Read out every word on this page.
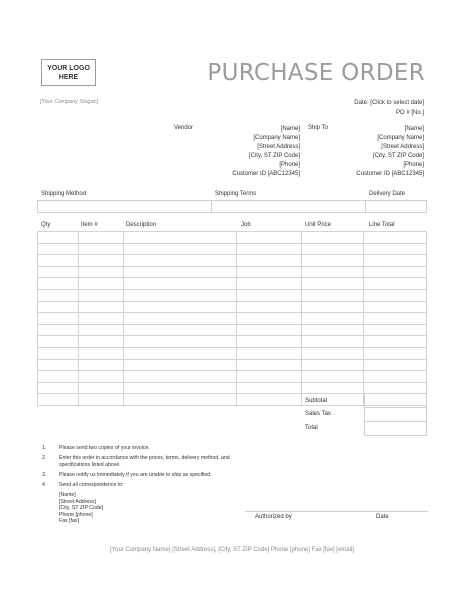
YOUR LOGO HERE	PURCHASE ORDER
[Your Company Slogan]	Date: [Click to select date]
PO # [No.]
Vendor	[Name]
[Company Name]
[Street Address]
[City, ST ZIP Code]
[Phone]
Customer ID [ABC12345]
Ship To	[Name]
[Company Name]
[Street Address]
[City, ST ZIP Code]
[Phone]
Customer ID [ABC12345]
Shipping Method	Shipping Terms	Delivery Date
Qty	Item #	Description	Job	Unit Price	Line Total

Subtotal
Sales Tax
Total
1. Please send two copies of your invoice.
2. Enter this order in accordance with the prices, terms, delivery method, and specifications listed above.
3. Please notify us immediately if you are unable to ship as specified.
4. Send all correspondence to:
[Name]
[Street Address]
[City, ST ZIP Code]
Phone [phone]
Fax [fax]
Authorized by	Date
[Your Company Name] [Street Address], [City, ST ZIP Code] Phone [phone] Fax [fax] [email]
